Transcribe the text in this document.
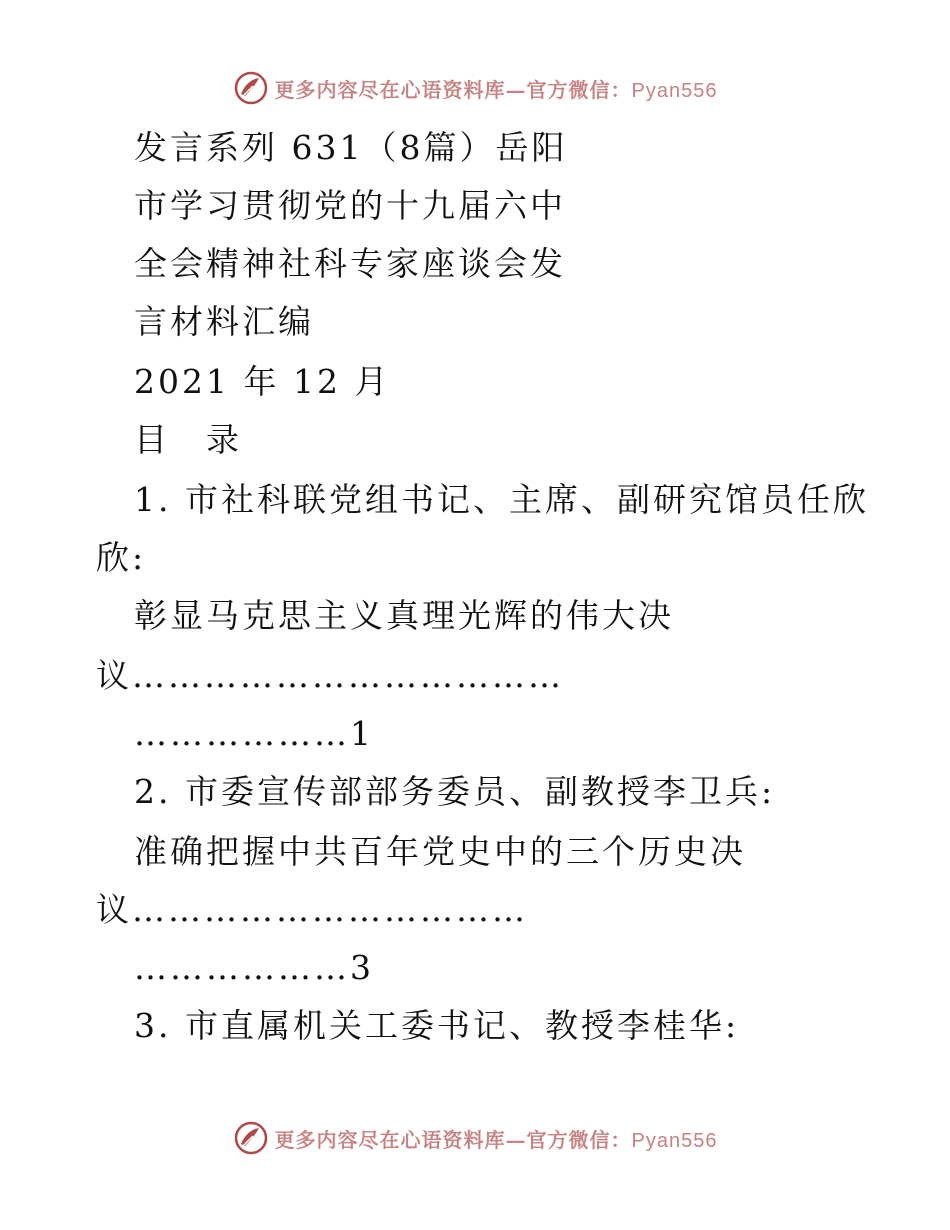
更多内容尽在心语资料库—官方微信：Pyan556
发言系列 631（8篇）岳阳
市学习贯彻党的十九届六中
全会精神社科专家座谈会发
言材料汇编
2021 年 12 月
目　录
1. 市社科联党组书记、主席、副研究馆员任欣
欣:
彰显马克思主义真理光辉的伟大决
议………………………………
………………1
2. 市委宣传部部务委员、副教授李卫兵:
准确把握中共百年党史中的三个历史决
议……………………………
………………3
3. 市直属机关工委书记、教授李桂华:
更多内容尽在心语资料库—官方微信：Pyan556
